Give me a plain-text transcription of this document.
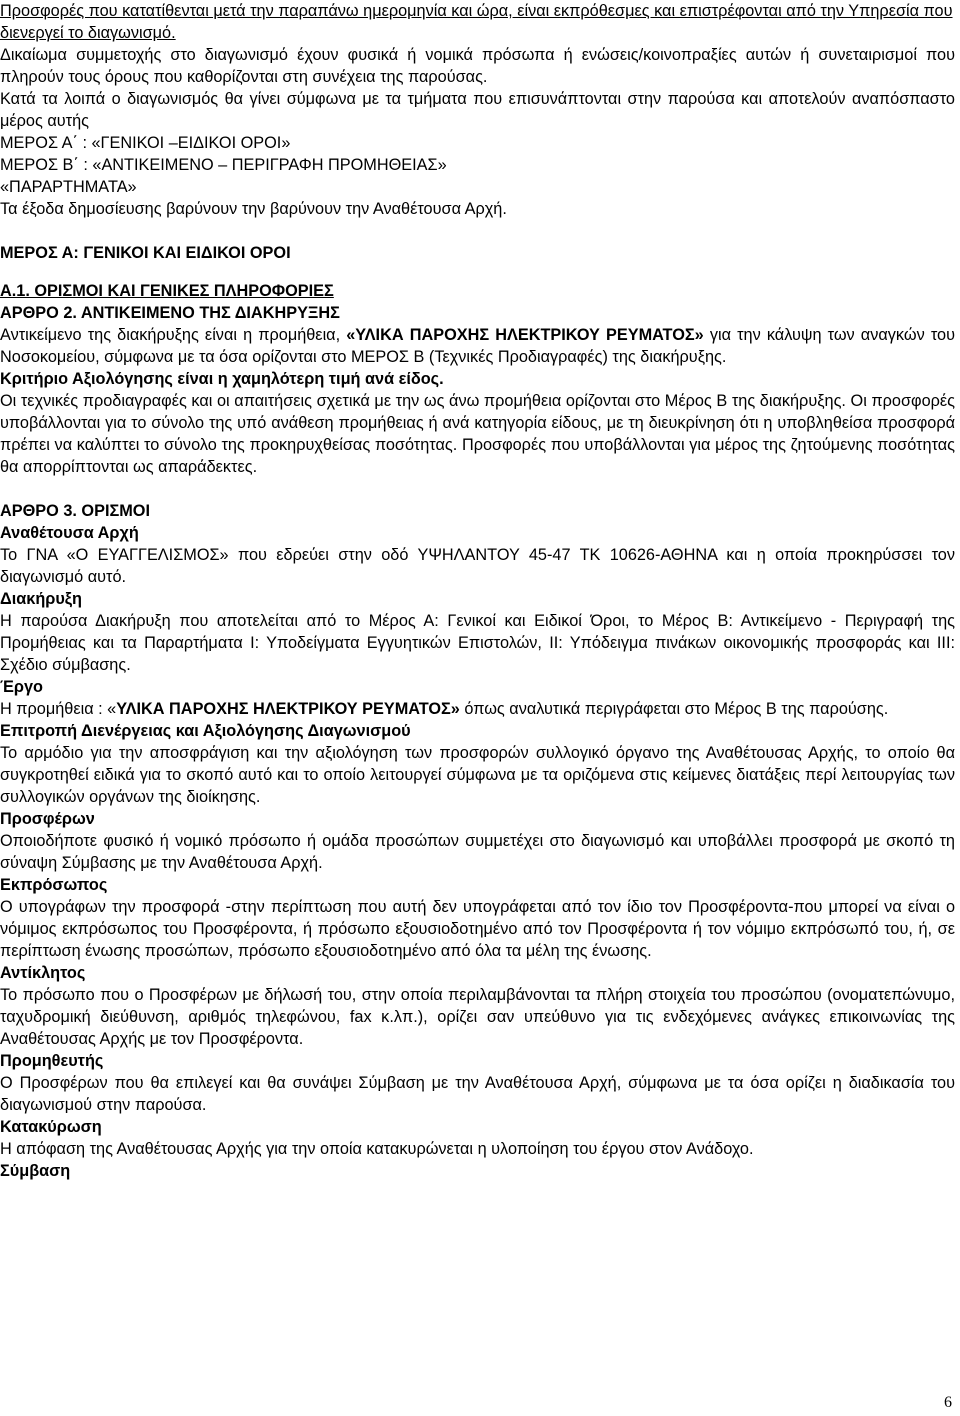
Προσφορές που κατατίθενται μετά την παραπάνω ημερομηνία και ώρα, είναι εκπρόθεσμες και επιστρέφονται από την Υπηρεσία που διενεργεί το διαγωνισμό.

Δικαίωμα συμμετοχής στο διαγωνισμό έχουν φυσικά ή νομικά πρόσωπα ή ενώσεις/κοινοπραξίες αυτών ή συνεταιρισμοί που πληρούν τους όρους που καθορίζονται στη συνέχεια της παρούσας.

Κατά τα λοιπά ο διαγωνισμός θα γίνει σύμφωνα με τα τμήματα που επισυνάπτονται στην παρούσα και αποτελούν αναπόσπαστο μέρος αυτής

ΜΕΡΟΣ Α΄ : «ΓΕΝΙΚΟΙ –ΕΙΔΙΚΟΙ ΟΡΟΙ»

ΜΕΡΟΣ Β΄ : «ΑΝΤΙΚΕΙΜΕΝΟ – ΠΕΡΙΓΡΑΦΗ ΠΡΟΜΗΘΕΙΑΣ»

«ΠΑΡΑΡΤΗΜΑΤΑ»

Τα έξοδα δημοσίευσης βαρύνουν την βαρύνουν την Αναθέτουσα Αρχή.

ΜΕΡΟΣ Α: ΓΕΝΙΚΟΙ ΚΑΙ ΕΙΔΙΚΟΙ ΟΡΟΙ

Α.1. ΟΡΙΣΜΟΙ ΚΑΙ ΓΕΝΙΚΕΣ ΠΛΗΡΟΦΟΡΙΕΣ

ΑΡΘΡΟ 2. ΑΝΤΙΚΕΙΜΕΝΟ ΤΗΣ ΔΙΑΚΗΡΥΞΗΣ

Αντικείμενο της διακήρυξης είναι η προμήθεια, «ΥΛΙΚΑ ΠΑΡΟΧΗΣ ΗΛΕΚΤΡΙΚΟΥ ΡΕΥΜΑΤΟΣ» για την κάλυψη των αναγκών του Νοσοκομείου, σύμφωνα με τα όσα ορίζονται στο ΜΕΡΟΣ Β (Τεχνικές Προδιαγραφές) της διακήρυξης.

Κριτήριο Αξιολόγησης είναι η χαμηλότερη τιμή ανά είδος.

Οι τεχνικές προδιαγραφές και οι απαιτήσεις σχετικά με την ως άνω προμήθεια ορίζονται στο Μέρος Β της διακήρυξης. Οι προσφορές υποβάλλονται για το σύνολο της υπό ανάθεση προμήθειας ή ανά κατηγορία είδους, με τη διευκρίνηση ότι η υποβληθείσα προσφορά πρέπει να καλύπτει το σύνολο της προκηρυχθείσας ποσότητας. Προσφορές που υποβάλλονται για μέρος της ζητούμενης ποσότητας θα απορρίπτονται ως απαράδεκτες.

ΑΡΘΡΟ 3. ΟΡΙΣΜΟΙ

Αναθέτουσα Αρχή

Το ΓΝΑ «Ο ΕΥΑΓΓΕΛΙΣΜΟΣ» που εδρεύει στην οδό ΥΨΗΛΑΝΤΟΥ 45-47 ΤΚ 10626-ΑΘΗΝΑ και η οποία προκηρύσσει τον διαγωνισμό αυτό.

Διακήρυξη

Η παρούσα Διακήρυξη που αποτελείται από το Μέρος Α: Γενικοί και Ειδικοί Όροι, το Μέρος Β: Αντικείμενο - Περιγραφή της Προμήθειας και τα Παραρτήματα Ι: Υποδείγματα Εγγυητικών Επιστολών, ΙΙ: Υπόδειγμα πινάκων οικονομικής προσφοράς και ΙΙΙ: Σχέδιο σύμβασης.

Έργο

Η προμήθεια : «ΥΛΙΚΑ ΠΑΡΟΧΗΣ ΗΛΕΚΤΡΙΚΟΥ ΡΕΥΜΑΤΟΣ» όπως αναλυτικά περιγράφεται στο Μέρος Β της παρούσης.

Επιτροπή Διενέργειας και Αξιολόγησης Διαγωνισμού

Το αρμόδιο για την αποσφράγιση και την αξιολόγηση των προσφορών συλλογικό όργανο της Αναθέτουσας Αρχής, το οποίο θα συγκροτηθεί ειδικά για το σκοπό αυτό και το οποίο λειτουργεί σύμφωνα με τα οριζόμενα στις κείμενες διατάξεις περί λειτουργίας των συλλογικών οργάνων της διοίκησης.

Προσφέρων

Οποιοδήποτε φυσικό ή νομικό πρόσωπο ή ομάδα προσώπων συμμετέχει στο διαγωνισμό και υποβάλλει προσφορά με σκοπό τη σύναψη Σύμβασης με την Αναθέτουσα Αρχή.

Εκπρόσωπος

Ο υπογράφων την προσφορά -στην περίπτωση που αυτή δεν υπογράφεται από τον ίδιο τον Προσφέροντα-που μπορεί να είναι ο νόμιμος εκπρόσωπος του Προσφέροντα, ή πρόσωπο εξουσιοδοτημένο από τον Προσφέροντα ή τον νόμιμο εκπρόσωπό του, ή, σε περίπτωση ένωσης προσώπων, πρόσωπο εξουσιοδοτημένο από όλα τα μέλη της ένωσης.

Αντίκλητος

Το πρόσωπο που ο Προσφέρων με δήλωσή του, στην οποία περιλαμβάνονται τα πλήρη στοιχεία του προσώπου (ονοματεπώνυμο, ταχυδρομική διεύθυνση, αριθμός τηλεφώνου, fax κ.λπ.), ορίζει σαν υπεύθυνο για τις ενδεχόμενες ανάγκες επικοινωνίας της Αναθέτουσας Αρχής με τον Προσφέροντα.

Προμηθευτής

Ο Προσφέρων που θα επιλεγεί και θα συνάψει Σύμβαση με την Αναθέτουσα Αρχή, σύμφωνα με τα όσα ορίζει η διαδικασία του διαγωνισμού στην παρούσα.

Κατακύρωση

Η απόφαση της Αναθέτουσας Αρχής για την οποία κατακυρώνεται η υλοποίηση του έργου στον Ανάδοχο.

Σύμβαση

6
